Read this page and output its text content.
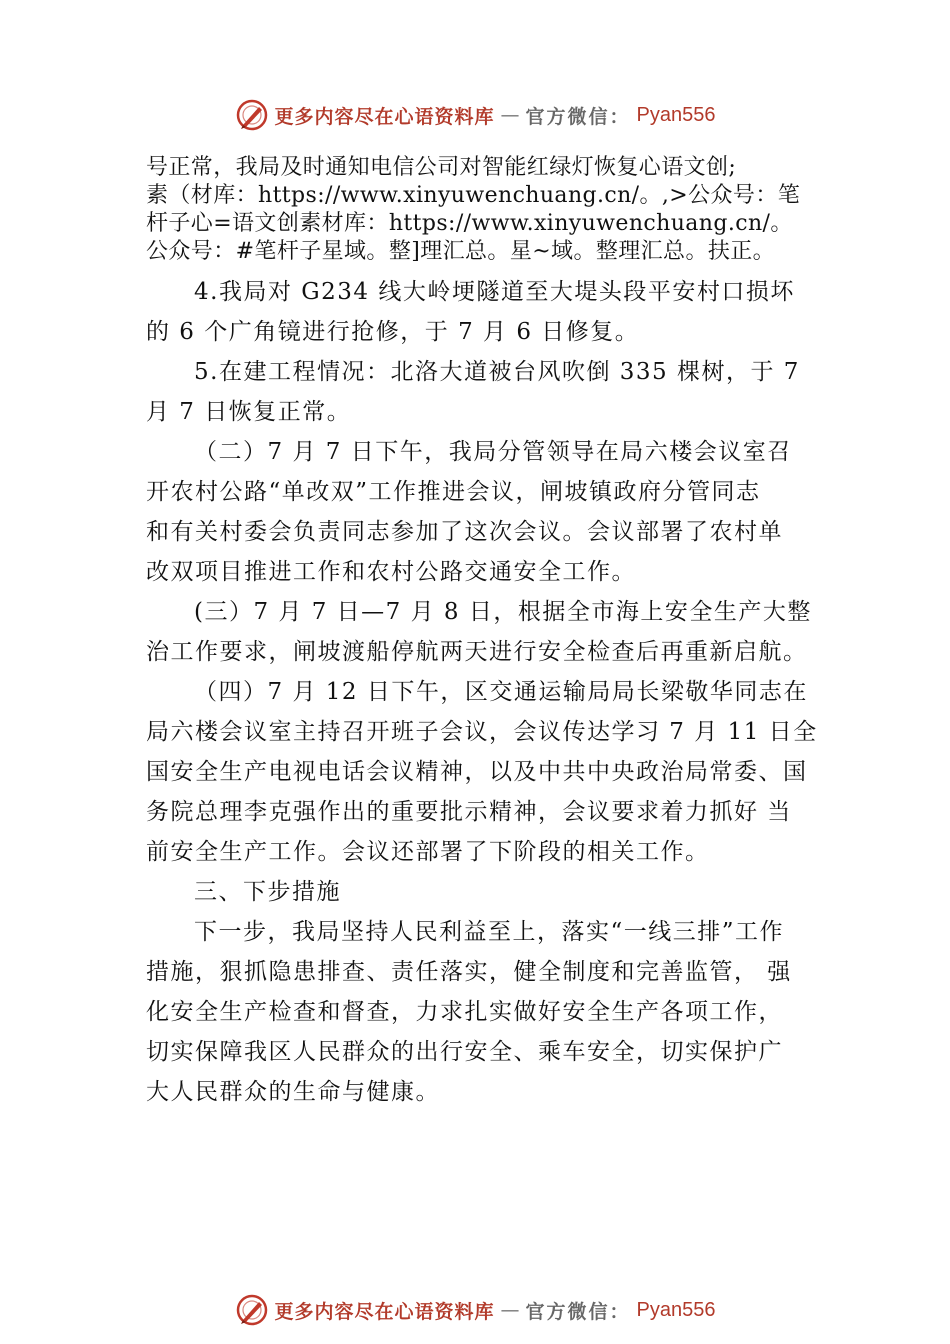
更多内容尽在心语资料库 — 官方微信： Pyan556

号正常，我局及时通知电信公司对智能红绿灯恢复心语文创;

素（材库：https://www.xinyuwenchuang.cn/。,>公众号：笔

杆子心=语文创素材库：https://www.xinyuwenchuang.cn/。

公众号：#笔杆子星域。整]理汇总。星~域。整理汇总。扶正。

4.我局对 G234 线大岭埂隧道至大堤头段平安村口损坏

的 6 个广角镜进行抢修，于 7 月 6 日修复。

5.在建工程情况：北洛大道被台风吹倒 335 棵树，于 7

月 7 日恢复正常。

（二）7 月 7 日下午，我局分管领导在局六楼会议室召

开农村公路“单改双”工作推进会议，闸坡镇政府分管同志

和有关村委会负责同志参加了这次会议。会议部署了农村单

改双项目推进工作和农村公路交通安全工作。

(三）7 月 7 日—7 月 8 日，根据全市海上安全生产大整

治工作要求，闸坡渡船停航两天进行安全检查后再重新启航。

（四）7 月 12 日下午，区交通运输局局长梁敬华同志在

局六楼会议室主持召开班子会议，会议传达学习 7 月 11 日全

国安全生产电视电话会议精神，以及中共中央政治局常委、国

务院总理李克强作出的重要批示精神，会议要求着力抓好 当

前安全生产工作。会议还部署了下阶段的相关工作。

三、下步措施

下一步，我局坚持人民利益至上，落实“一线三排”工作

措施，狠抓隐患排查、责任落实，健全制度和完善监管， 强

化安全生产检查和督查，力求扎实做好安全生产各项工作，

切实保障我区人民群众的出行安全、乘车安全，切实保护广

大人民群众的生命与健康。

更多内容尽在心语资料库 — 官方微信： Pyan556
